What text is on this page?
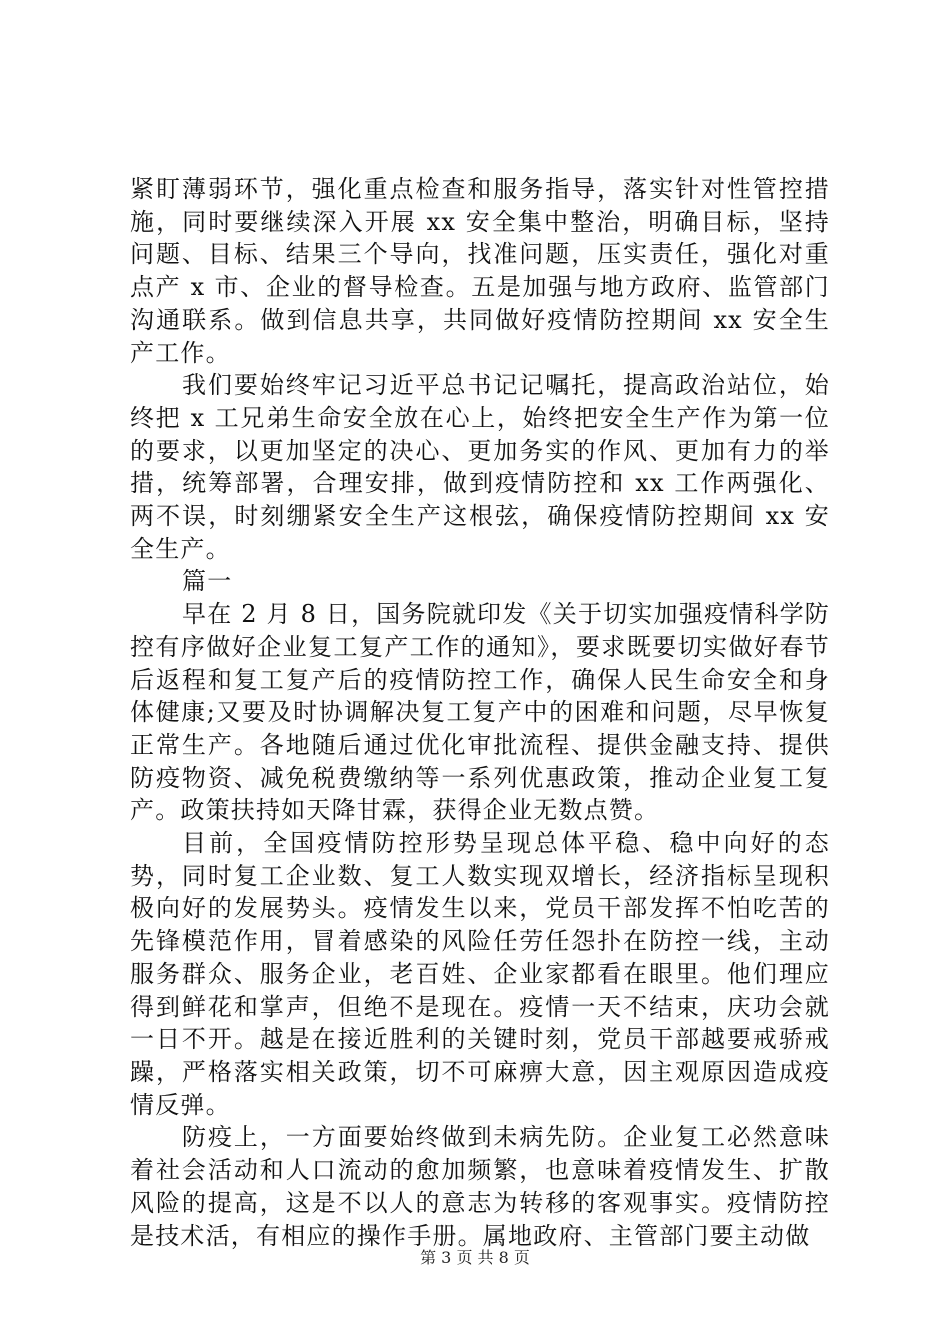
紧盯薄弱环节，强化重点检查和服务指导，落实针对性管控措施，同时要继续深入开展 xx 安全集中整治，明确目标，坚持问题、目标、结果三个导向，找准问题，压实责任，强化对重点产 x 市、企业的督导检查。五是加强与地方政府、监管部门沟通联系。做到信息共享，共同做好疫情防控期间 xx 安全生产工作。

我们要始终牢记习近平总书记记嘱托，提高政治站位，始终把 x 工兄弟生命安全放在心上，始终把安全生产作为第一位的要求，以更加坚定的决心、更加务实的作风、更加有力的举措，统筹部署，合理安排，做到疫情防控和 xx 工作两强化、两不误，时刻绷紧安全生产这根弦，确保疫情防控期间 xx 安全生产。

篇一

早在 2 月 8 日，国务院就印发《关于切实加强疫情科学防控有序做好企业复工复产工作的通知》，要求既要切实做好春节后返程和复工复产后的疫情防控工作，确保人民生命安全和身体健康;又要及时协调解决复工复产中的困难和问题，尽早恢复正常生产。各地随后通过优化审批流程、提供金融支持、提供防疫物资、减免税费缴纳等一系列优惠政策，推动企业复工复产。政策扶持如天降甘霖，获得企业无数点赞。

目前，全国疫情防控形势呈现总体平稳、稳中向好的态势，同时复工企业数、复工人数实现双增长，经济指标呈现积极向好的发展势头。疫情发生以来，党员干部发挥不怕吃苦的先锋模范作用，冒着感染的风险任劳任怨扑在防控一线，主动服务群众、服务企业，老百姓、企业家都看在眼里。他们理应得到鲜花和掌声，但绝不是现在。疫情一天不结束，庆功会就一日不开。越是在接近胜利的关键时刻，党员干部越要戒骄戒躁，严格落实相关政策，切不可麻痹大意，因主观原因造成疫情反弹。

防疫上，一方面要始终做到未病先防。企业复工必然意味着社会活动和人口流动的愈加频繁，也意味着疫情发生、扩散风险的提高，这是不以人的意志为转移的客观事实。疫情防控是技术活，有相应的操作手册。属地政府、主管部门要主动做

第 3 页 共 8 页
